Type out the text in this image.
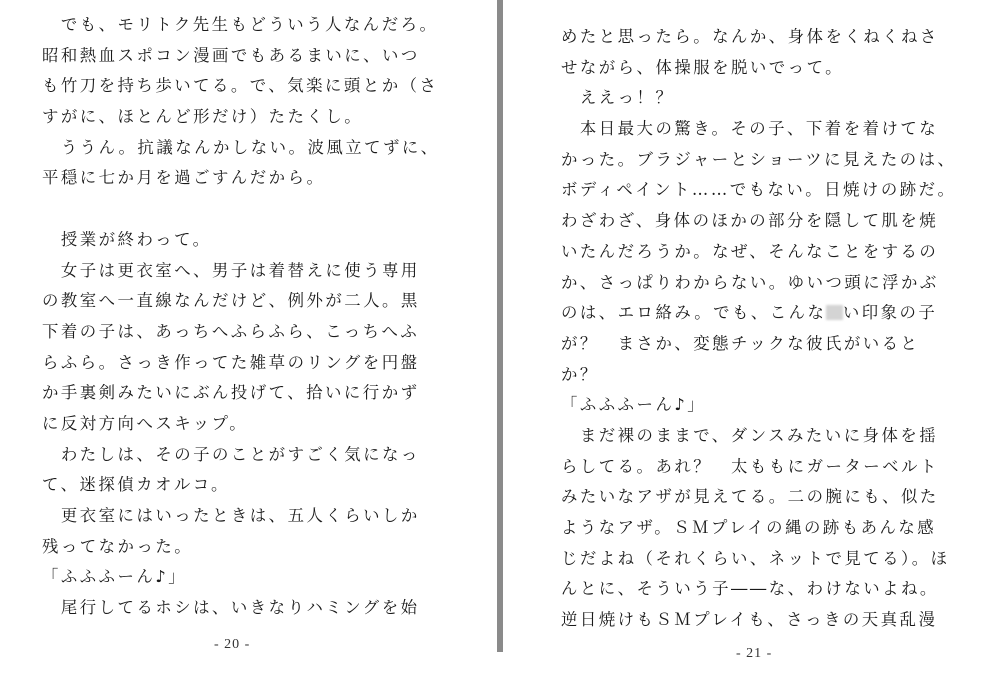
　でも、モリトク先生もどういう人なんだろ。
昭和熱血スポコン漫画でもあるまいに、いつ
も竹刀を持ち歩いてる。で、気楽に頭とか（さ
すがに、ほとんど形だけ）たたくし。
　ううん。抗議なんかしない。波風立てずに、
平穏に七か月を過ごすんだから。
　授業が終わって。
　女子は更衣室へ、男子は着替えに使う専用
の教室へ一直線なんだけど、例外が二人。黒
下着の子は、あっちへふらふら、こっちへふ
らふら。さっき作ってた雑草のリングを円盤
か手裏剣みたいにぶん投げて、拾いに行かず
に反対方向へスキップ。
　わたしは、その子のことがすごく気になっ
て、迷探偵カオルコ。
　更衣室にはいったときは、五人くらいしか
残ってなかった。
「ふふふーん♪」
　尾行してるホシは、いきなりハミングを始
- 20 -
めたと思ったら。なんか、身体をくねくねさ
せながら、体操服を脱いでって。
　ええっ！？
　本日最大の驚き。その子、下着を着けてな
かった。ブラジャーとショーツに見えたのは、
ボディペイント……でもない。日焼けの跡だ。
わざわざ、身体のほかの部分を隠して肌を焼
いたんだろうか。なぜ、そんなことをするの
か、さっぱりわからない。ゆいつ頭に浮かぶ
のは、エロ絡み。でも、こんな い印象の子
が？　まさか、変態チックな彼氏がいると
か？
「ふふふーん♪」
　まだ裸のままで、ダンスみたいに身体を揺
らしてる。あれ？　太ももにガーターベルト
みたいなアザが見えてる。二の腕にも、似た
ようなアザ。ＳＭプレイの縄の跡もあんな感
じだよね（それくらい、ネットで見てる）。ほ
んとに、そういう子――な、わけないよね。
逆日焼けもＳＭプレイも、さっきの天真乱漫
- 21 -
